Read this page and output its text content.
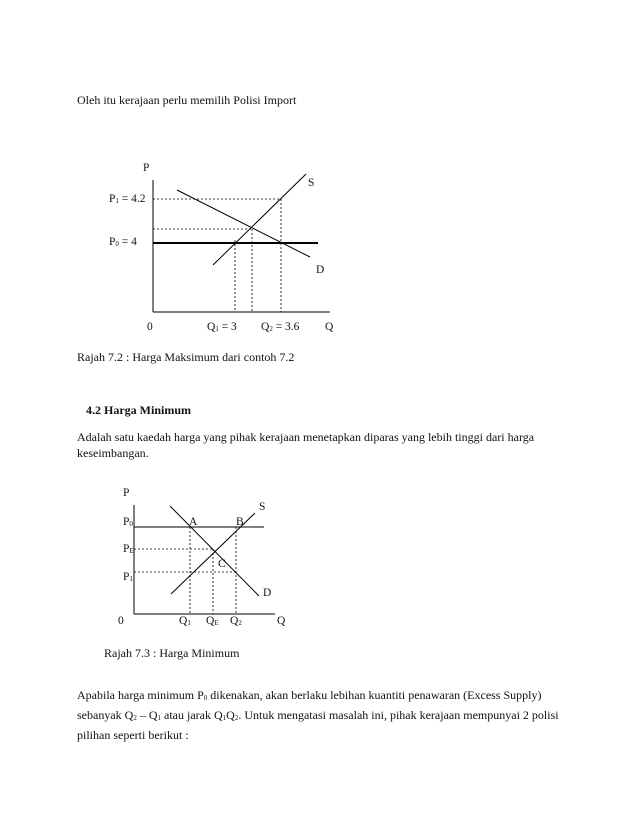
Oleh itu kerajaan perlu memilih Polisi Import
P
S
$P_1 = 4.2$
$P_0 = 4$
D
0	$Q_1 = 3$ $Q_2 = 3.6$ Q
Rajah 7.2 : Harga Maksimum dari contoh 7.2
4.2 Harga Minimum
Adalah satu kaedah harga yang pihak kerajaan menetapkan diparas yang lebih tinggi dari harga keseimbangan.
P
S
$P_0$	A	B
$P_E$
C
$P_1$
D
0	$Q_1$ $Q_E$ $Q_2$	Q
Rajah 7.3 : Harga Minimum
Apabila harga minimum $P_0$ dikenakan, akan berlaku lebihan kuantiti penawaran (Excess Supply) sebanyak $Q_2 - Q_1$ atau jarak $Q_1Q_2$. Untuk mengatasi masalah ini, pihak kerajaan mempunyai 2 polisi pilihan seperti berikut :
